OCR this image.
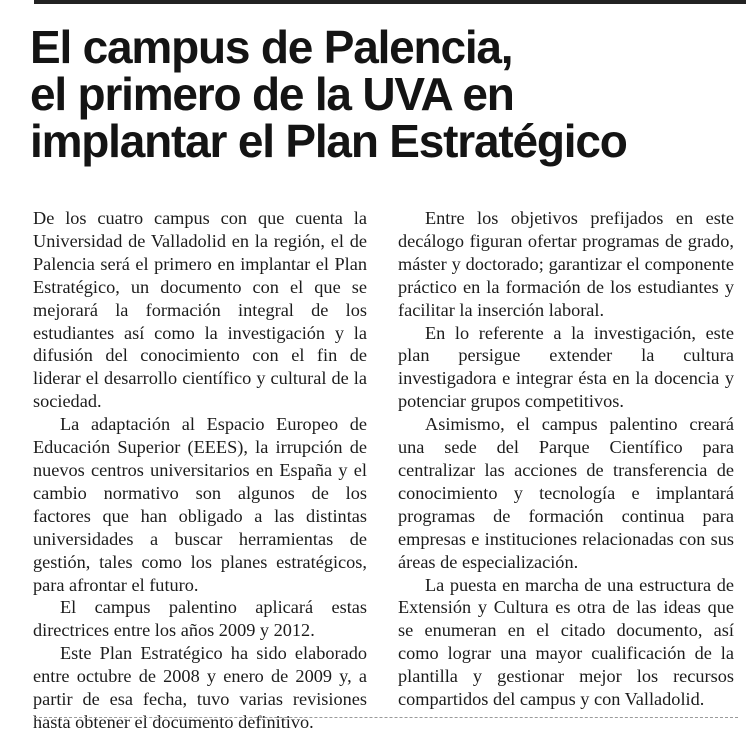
El campus de Palencia,
el primero de la UVA en
implantar el Plan Estratégico

De los cuatro campus con que cuenta la Universidad de Valladolid en la región, el de Palencia será el primero en implantar el Plan Estratégico, un documento con el que se mejorará la formación integral de los estudiantes así como la investigación y la difusión del conocimiento con el fin de liderar el desarrollo científico y cultural de la sociedad.

La adaptación al Espacio Europeo de Educación Superior (EEES), la irrupción de nuevos centros universitarios en España y el cambio normativo son algunos de los factores que han obligado a las distintas universidades a buscar herramientas de gestión, tales como los planes estratégicos, para afrontar el futuro.

El campus palentino aplicará estas directrices entre los años 2009 y 2012.

Este Plan Estratégico ha sido elaborado entre octubre de 2008 y enero de 2009 y, a partir de esa fecha, tuvo varias revisiones hasta obtener el documento definitivo.

Entre los objetivos prefijados en este decálogo figuran ofertar programas de grado, máster y doctorado; garantizar el componente práctico en la formación de los estudiantes y facilitar la inserción laboral.

En lo referente a la investigación, este plan persigue extender la cultura investigadora e integrar ésta en la docencia y potenciar grupos competitivos.

Asimismo, el campus palentino creará una sede del Parque Científico para centralizar las acciones de transferencia de conocimiento y tecnología e implantará programas de formación continua para empresas e instituciones relacionadas con sus áreas de especialización.

La puesta en marcha de una estructura de Extensión y Cultura es otra de las ideas que se enumeran en el citado documento, así como lograr una mayor cualificación de la plantilla y gestionar mejor los recursos compartidos del campus y con Valladolid.
